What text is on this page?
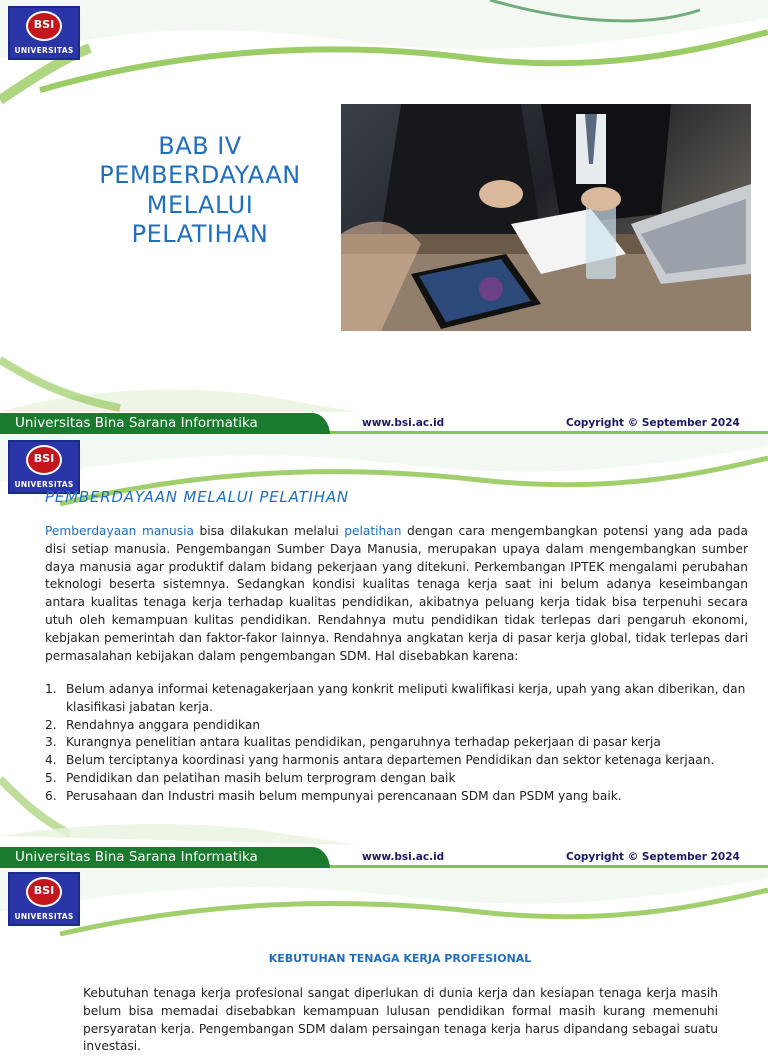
BSI
UNIVERSITAS
BAB IV
PEMBERDAYAAN
MELALUI
PELATIHAN
Universitas Bina Sarana Informatika	www.bsi.ac.id	Copyright © September 2024
BSI
UNIVERSITAS
Universitas Bina Sarana Informatika	www.bsi.ac.id	Copyright © September 2024
PEMBERDAYAAN MELALUI PELATIHAN
Pemberdayaan manusia bisa dilakukan melalui pelatihan dengan cara mengembangkan potensi yang ada pada disi setiap manusia. Pengembangan Sumber Daya Manusia, merupakan upaya dalam mengembangkan sumber daya manusia agar produktif dalam bidang pekerjaan yang ditekuni. Perkembangan IPTEK mengalami perubahan teknologi beserta sistemnya. Sedangkan kondisi kualitas tenaga kerja saat ini belum adanya keseimbangan antara kualitas tenaga kerja terhadap kualitas pendidikan, akibatnya peluang kerja tidak bisa terpenuhi secara utuh oleh kemampuan kulitas pendidikan. Rendahnya mutu pendidikan tidak terlepas dari pengaruh ekonomi, kebjakan pemerintah dan faktor-fakor lainnya. Rendahnya angkatan kerja di pasar kerja global, tidak terlepas dari permasalahan kebijakan dalam pengembangan SDM. Hal disebabkan karena:
1. Belum adanya informai ketenagakerjaan yang konkrit meliputi kwalifikasi kerja, upah yang akan diberikan, dan klasifikasi jabatan kerja.
2. Rendahnya anggara pendidikan
3. Kurangnya penelitian antara kualitas pendidikan, pengaruhnya terhadap pekerjaan di pasar kerja
4. Belum terciptanya koordinasi yang harmonis antara departemen Pendidikan dan sektor ketenaga kerjaan.
5. Pendidikan dan pelatihan masih belum terprogram dengan baik
6. Perusahaan dan Industri masih belum mempunyai perencanaan SDM dan PSDM yang baik.
BSI
UNIVERSITAS
KEBUTUHAN TENAGA KERJA PROFESIONAL
Kebutuhan tenaga kerja profesional sangat diperlukan di dunia kerja dan kesiapan tenaga kerja masih belum bisa memadai disebabkan kemampuan lulusan pendidikan formal masih kurang memenuhi persyaratan kerja. Pengembangan SDM dalam persaingan tenaga kerja harus dipandang sebagai suatu investasi.
